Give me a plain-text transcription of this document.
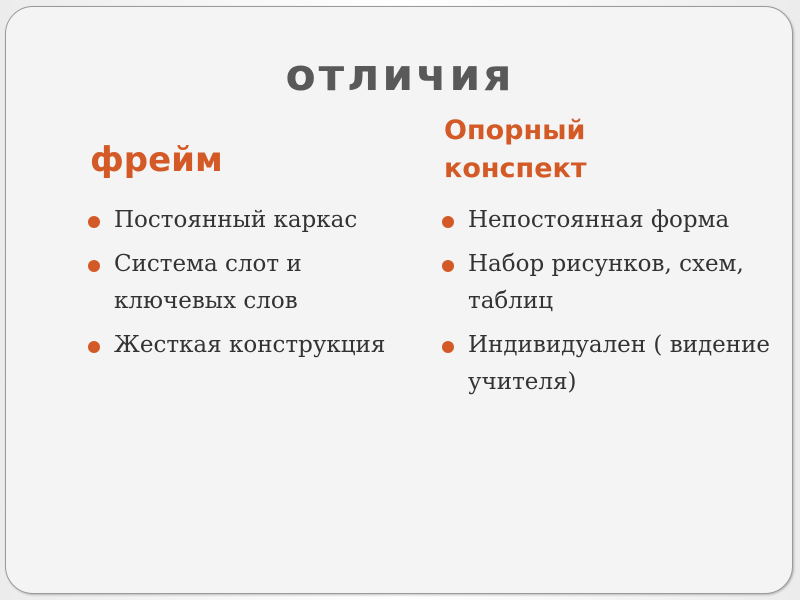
отличия
фрейм
Опорный
конспект
Постоянный каркас
Система слот и ключевых слов
Жесткая конструкция
Непостоянная форма
Набор рисунков, схем, таблиц
Индивидуален ( видение учителя)
